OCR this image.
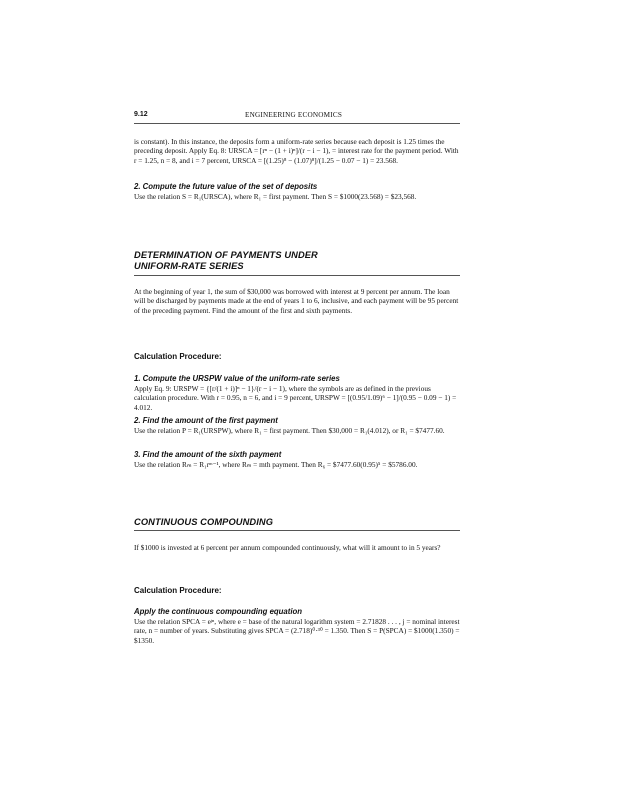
9.12	ENGINEERING ECONOMICS

is constant). In this instance, the deposits form a uniform-rate series because each deposit is 1.25 times the preceding deposit. Apply Eq. 8: URSCA = [rⁿ − (1 + i)ⁿ]/(r − i − 1), = interest rate for the payment period. With r = 1.25, n = 8, and i = 7 percent, URSCA = [(1.25)⁸ − (1.07)⁸]/(1.25 − 0.07 − 1) = 23.568.

2. Compute the future value of the set of deposits

Use the relation S = R₁(URSCA), where R₁ = first payment. Then S = $1000(23.568) = $23,568.

DETERMINATION OF PAYMENTS UNDER

UNIFORM-RATE SERIES

At the beginning of year 1, the sum of $30,000 was borrowed with interest at 9 percent per annum. The loan will be discharged by payments made at the end of years 1 to 6, inclusive, and each payment will be 95 percent of the preceding payment. Find the amount of the first and sixth payments.

Calculation Procedure:

1. Compute the URSPW value of the uniform-rate series

Apply Eq. 9: URSPW = {[r/(1 + i)]ⁿ − 1}/(r − i − 1), where the symbols are as defined in the previous calculation procedure. With r = 0.95, n = 6, and i = 9 percent, URSPW = [(0.95/1.09)⁶ − 1]/(0.95 − 0.09 − 1) = 4.012.

2. Find the amount of the first payment

Use the relation P = R₁(URSPW), where R₁ = first payment. Then $30,000 = R₁(4.012), or R₁ = $7477.60.

3. Find the amount of the sixth payment

Use the relation Rₘ = R₁rᵐ⁻¹, where Rₘ = mth payment. Then R₆ = $7477.60(0.95)⁵ = $5786.00.

CONTINUOUS COMPOUNDING

If $1000 is invested at 6 percent per annum compounded continuously, what will it amount to in 5 years?

Calculation Procedure:

Apply the continuous compounding equation

Use the relation SPCA = eʲⁿ, where e = base of the natural logarithm system = 2.71828 . . . , j = nominal interest rate, n = number of years. Substituting gives SPCA = (2.718)⁰·³⁰ = 1.350. Then S = P(SPCA) = $1000(1.350) = $1350.
